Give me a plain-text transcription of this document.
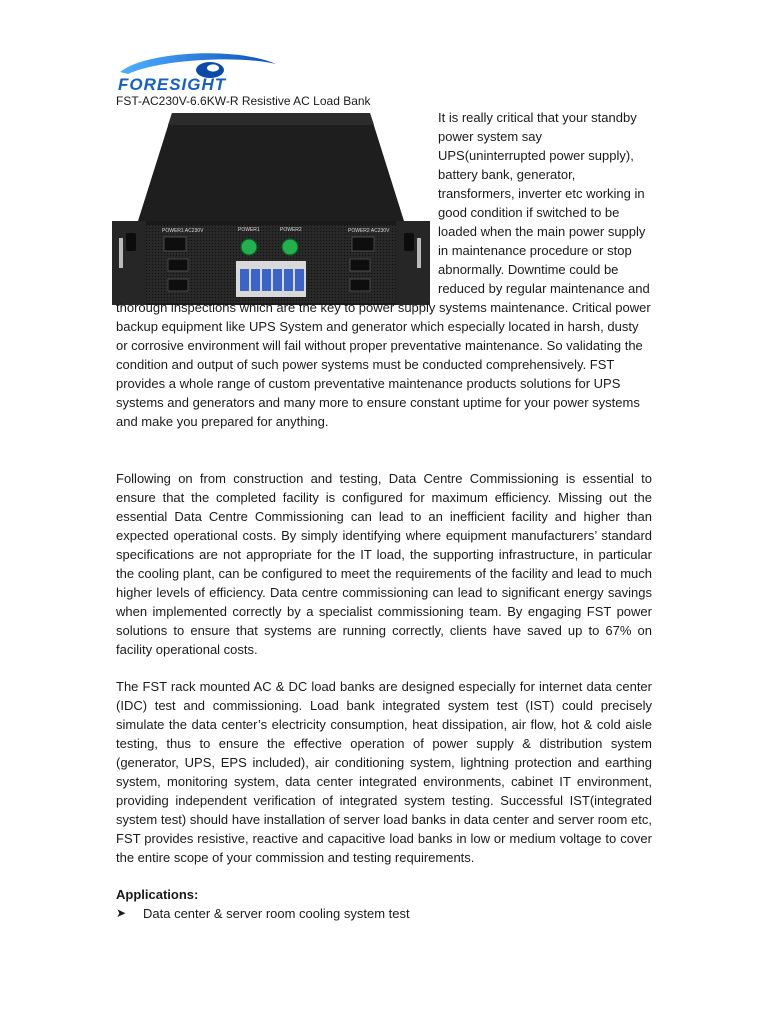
FORESIGHT
FST-AC230V-6.6KW-R Resistive AC Load Bank
POWER1 AC230V	POWER2 AC230V
POWER1	POWER2

It is really critical that your standby power system say UPS(uninterrupted power supply), battery bank, generator, transformers, inverter etc working in good condition if switched to be loaded when the main power supply in maintenance procedure or stop abnormally. Downtime could be reduced by regular maintenance and thorough inspections which are the key to power supply systems maintenance. Critical power backup equipment like UPS System and generator which especially located in harsh, dusty or corrosive environment will fail without proper preventative maintenance. So validating the condition and output of such power systems must be conducted comprehensively. FST provides a whole range of custom preventative maintenance products solutions for UPS systems and generators and many more to ensure constant uptime for your power systems and make you prepared for anything.

Following on from construction and testing, Data Centre Commissioning is essential to ensure that the completed facility is configured for maximum efficiency. Missing out the essential Data Centre Commissioning can lead to an inefficient facility and higher than expected operational costs. By simply identifying where equipment manufacturers’ standard specifications are not appropriate for the IT load, the supporting infrastructure, in particular the cooling plant, can be configured to meet the requirements of the facility and lead to much higher levels of efficiency. Data centre commissioning can lead to significant energy savings when implemented correctly by a specialist commissioning team. By engaging FST power solutions to ensure that systems are running correctly, clients have saved up to 67% on facility operational costs.

The FST rack mounted AC & DC load banks are designed especially for internet data center (IDC) test and commissioning. Load bank integrated system test (IST) could precisely simulate the data center’s electricity consumption, heat dissipation, air flow, hot & cold aisle testing, thus to ensure the effective operation of power supply & distribution system (generator, UPS, EPS included), air conditioning system, lightning protection and earthing system, monitoring system, data center integrated environments, cabinet IT environment, providing independent verification of integrated system testing. Successful IST(integrated system test) should have installation of server load banks in data center and server room etc, FST provides resistive, reactive and capacitive load banks in low or medium voltage to cover the entire scope of your commission and testing requirements.

Applications:

➤	Data center & server room cooling system test
